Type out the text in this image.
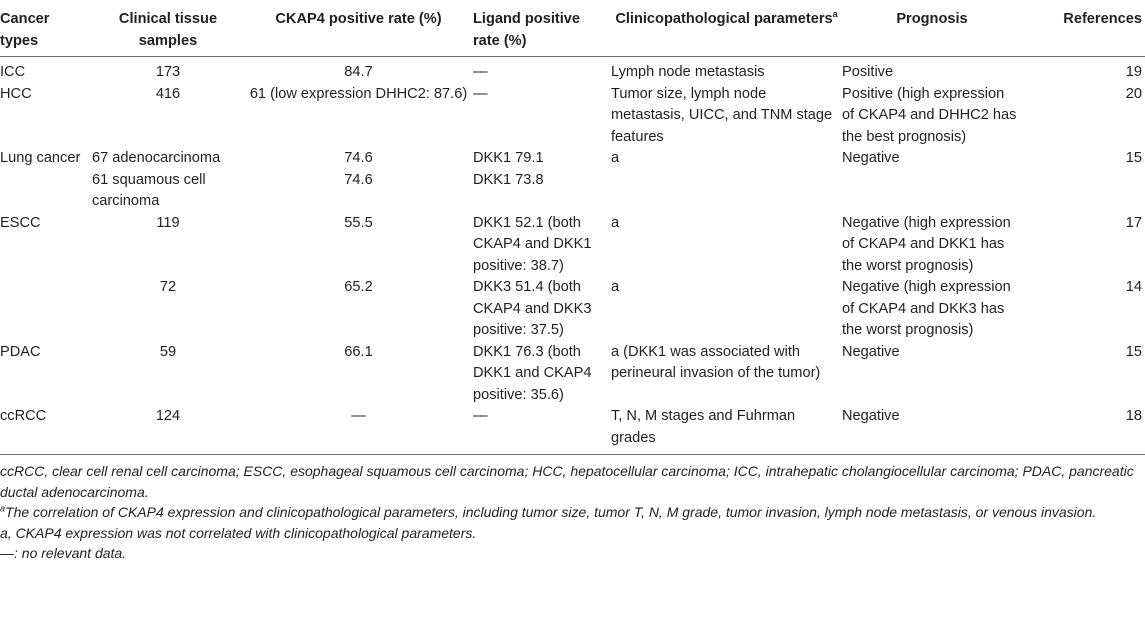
Cancer types	Clinical tissue samples	CKAP4 positive rate (%)	Ligand positive rate (%)	Clinicopathological parameters$^a$	Prognosis	References
ICC	173	84.7	—	Lymph node metastasis	Positive	19
HCC	416	61 (low expression DHHC2: 87.6)	—	Tumor size, lymph node metastasis, UICC, and TNM stage features	Positive (high expression of CKAP4 and DHHC2 has the best prognosis)	20
Lung cancer	67 adenocarcinoma	74.6	DKK1 79.1	a	Negative	15
	61 squamous cell carcinoma	74.6	DKK1 73.8			
ESCC	119	55.5	DKK1 52.1 (both CKAP4 and DKK1 positive: 38.7)	a	Negative (high expression of CKAP4 and DKK1 has the worst prognosis)	17
	72	65.2	DKK3 51.4 (both CKAP4 and DKK3 positive: 37.5)	a	Negative (high expression of CKAP4 and DKK3 has the worst prognosis)	14
PDAC	59	66.1	DKK1 76.3 (both DKK1 and CKAP4 positive: 35.6)	a (DKK1 was associated with perineural invasion of the tumor)	Negative	15
ccRCC	124	—	—	T, N, M stages and Fuhrman grades	Negative	18

ccRCC, clear cell renal cell carcinoma; ESCC, esophageal squamous cell carcinoma; HCC, hepatocellular carcinoma; ICC, intrahepatic cholangiocellular carcinoma; PDAC, pancreatic ductal adenocarcinoma.

$^a$The correlation of CKAP4 expression and clinicopathological parameters, including tumor size, tumor T, N, M grade, tumor invasion, lymph node metastasis, or venous invasion.

a, CKAP4 expression was not correlated with clinicopathological parameters.

—: no relevant data.
